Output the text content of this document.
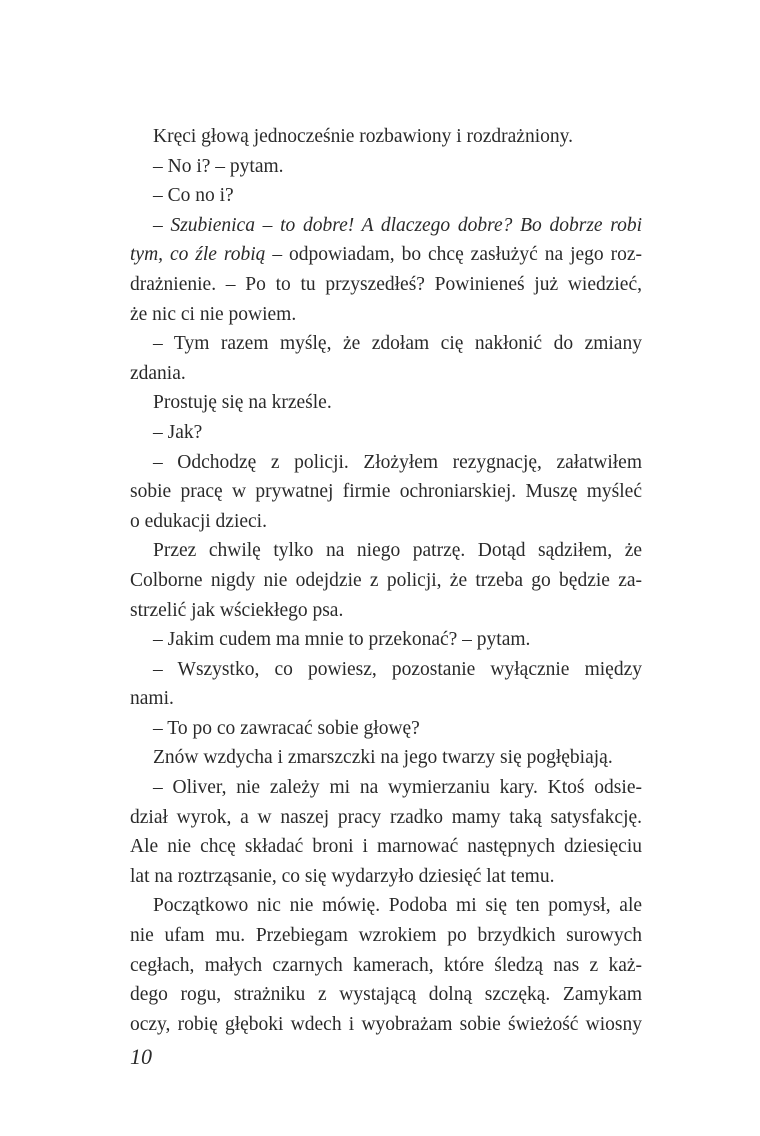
Kręci głową jednocześnie rozbawiony i rozdrażniony.
– No i? – pytam.
– Co no i?
– Szubienica – to dobre! A dlaczego dobre? Bo dobrze robi
tym, co źle robią – odpowiadam, bo chcę zasłużyć na jego roz-
drażnienie. – Po to tu przyszedłeś? Powinieneś już wiedzieć,
że nic ci nie powiem.
– Tym razem myślę, że zdołam cię nakłonić do zmiany
zdania.
Prostuję się na krześle.
– Jak?
– Odchodzę z policji. Złożyłem rezygnację, załatwiłem
sobie pracę w prywatnej firmie ochroniarskiej. Muszę myśleć
o edukacji dzieci.
Przez chwilę tylko na niego patrzę. Dotąd sądziłem, że
Colborne nigdy nie odejdzie z policji, że trzeba go będzie za-
strzelić jak wściekłego psa.
– Jakim cudem ma mnie to przekonać? – pytam.
– Wszystko, co powiesz, pozostanie wyłącznie między
nami.
– To po co zawracać sobie głowę?
Znów wzdycha i zmarszczki na jego twarzy się pogłębiają.
– Oliver, nie zależy mi na wymierzaniu kary. Ktoś odsie-
dział wyrok, a w naszej pracy rzadko mamy taką satysfakcję.
Ale nie chcę składać broni i marnować następnych dziesięciu
lat na roztrząsanie, co się wydarzyło dziesięć lat temu.
Początkowo nic nie mówię. Podoba mi się ten pomysł, ale
nie ufam mu. Przebiegam wzrokiem po brzydkich surowych
cegłach, małych czarnych kamerach, które śledzą nas z każ-
dego rogu, strażniku z wystającą dolną szczęką. Zamykam
oczy, robię głęboki wdech i wyobrażam sobie świeżość wiosny
10
